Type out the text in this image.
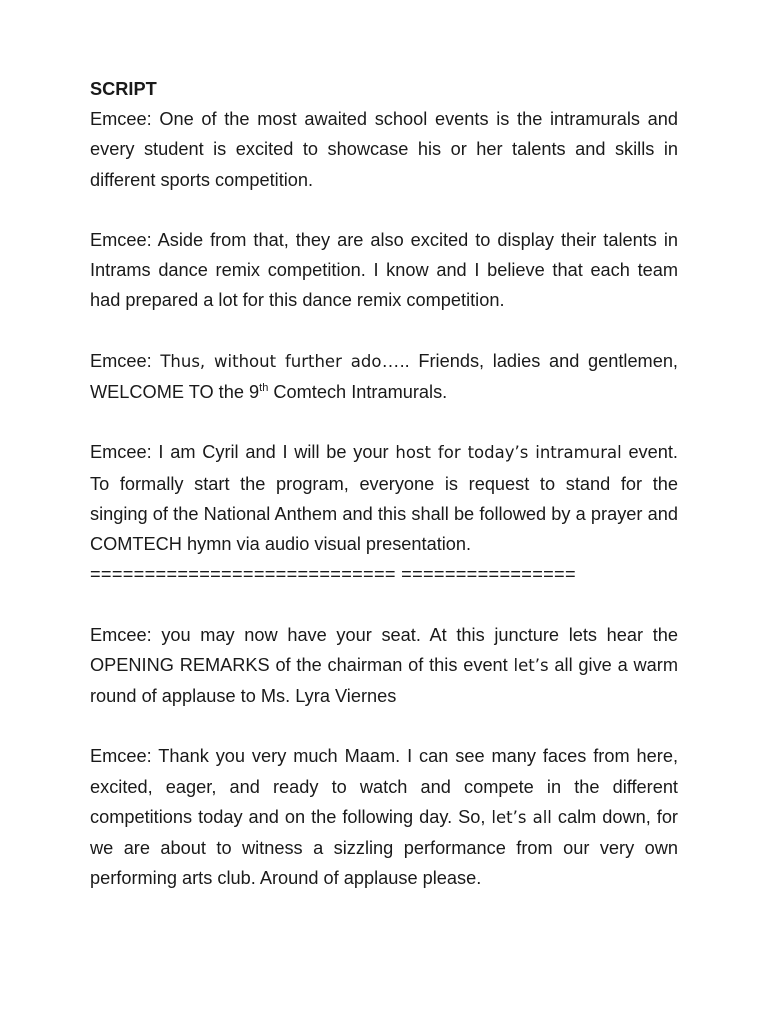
SCRIPT

Emcee: One of the most awaited school events is the intramurals and every student is excited to showcase his or her talents and skills in different sports competition.

Emcee: Aside from that, they are also excited to display their talents in Intrams dance remix competition. I know and I believe that each team had prepared a lot for this dance remix competition.

Emcee: Thus, without further ado….. Friends, ladies and gentlemen, WELCOME TO the 9th Comtech Intramurals.

Emcee: I am Cyril and I will be your host for today’s intramural event. To formally start the program, everyone is request to stand for the singing of the National Anthem and this shall be followed by a prayer and COMTECH hymn via audio visual presentation.

============================ ================

Emcee: you may now have your seat. At this juncture lets hear the OPENING REMARKS of the chairman of this event let’s all give a warm round of applause to Ms. Lyra Viernes

Emcee: Thank you very much Maam. I can see many faces from here, excited, eager, and ready to watch and compete in the different competitions today and on the following day. So, let’s all calm down, for we are about to witness a sizzling performance from our very own performing arts club. Around of applause please.
